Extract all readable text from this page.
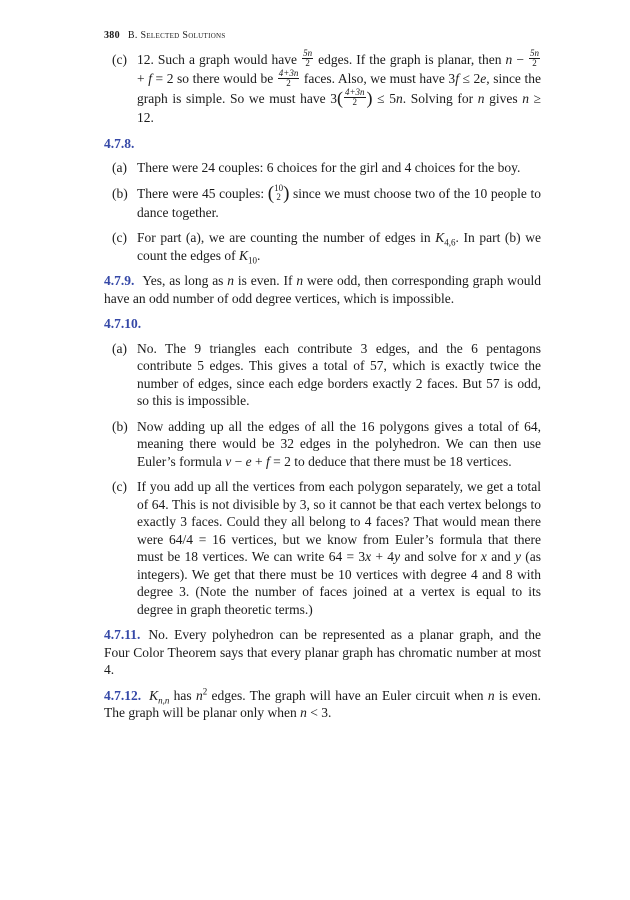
380 B. Selected Solutions
(c) 12. Such a graph would have $\frac{5n}{2}$ edges. If the graph is planar, then $n - \frac{5n}{2}$
+ f = 2 so there would be $\frac{4+3n}{2}$ faces. Also, we must have 3f ≤ 2e, since the graph is simple. So we must have $3( \frac{4+3n}{2}$ ) ≤ 5n. Solving for n gives n ≥ 12.
4.7.8.
(a) There were 24 couples: 6 choices for the girl and 4 choices for the boy.
(b) There were 45 couples: ( 10
2 ) since we must choose two of the 10 people to dance together.
(c) For part (a), we are counting the number of edges in $K_{4,6}$. In part (b) we count the edges of $K_{10}$.

4.7.9. Yes, as long as n is even. If n were odd, then corresponding graph would have an odd number of odd degree vertices, which is impossible.

4.7.10.
(a) No. The 9 triangles each contribute 3 edges, and the 6 pentagons contribute 5 edges. This gives a total of 57, which is exactly twice the number of edges, since each edge borders exactly 2 faces. But 57 is odd, so this is impossible.
(b) Now adding up all the edges of all the 16 polygons gives a total of 64, meaning there would be 32 edges in the polyhedron. We can then use Euler’s formula v − e + f = 2 to deduce that there must be 18 vertices.
(c) If you add up all the vertices from each polygon separately, we get a total of 64. This is not divisible by 3, so it cannot be that each vertex belongs to exactly 3 faces. Could they all belong to 4 faces? That would mean there were 64/4 = 16 vertices, but we know from Euler’s formula that there must be 18 vertices. We can write 64 = 3x + 4y and solve for x and y (as integers). We get that there must be 10 vertices with degree 4 and 8 with degree 3. (Note the number of faces joined at a vertex is equal to its degree in graph theoretic terms.)

4.7.11. No. Every polyhedron can be represented as a planar graph, and the Four Color Theorem says that every planar graph has chromatic number at most 4.

4.7.12. $K_{n,n}$ has $n^2$ edges. The graph will have an Euler circuit when n is even. The graph will be planar only when n < 3.
